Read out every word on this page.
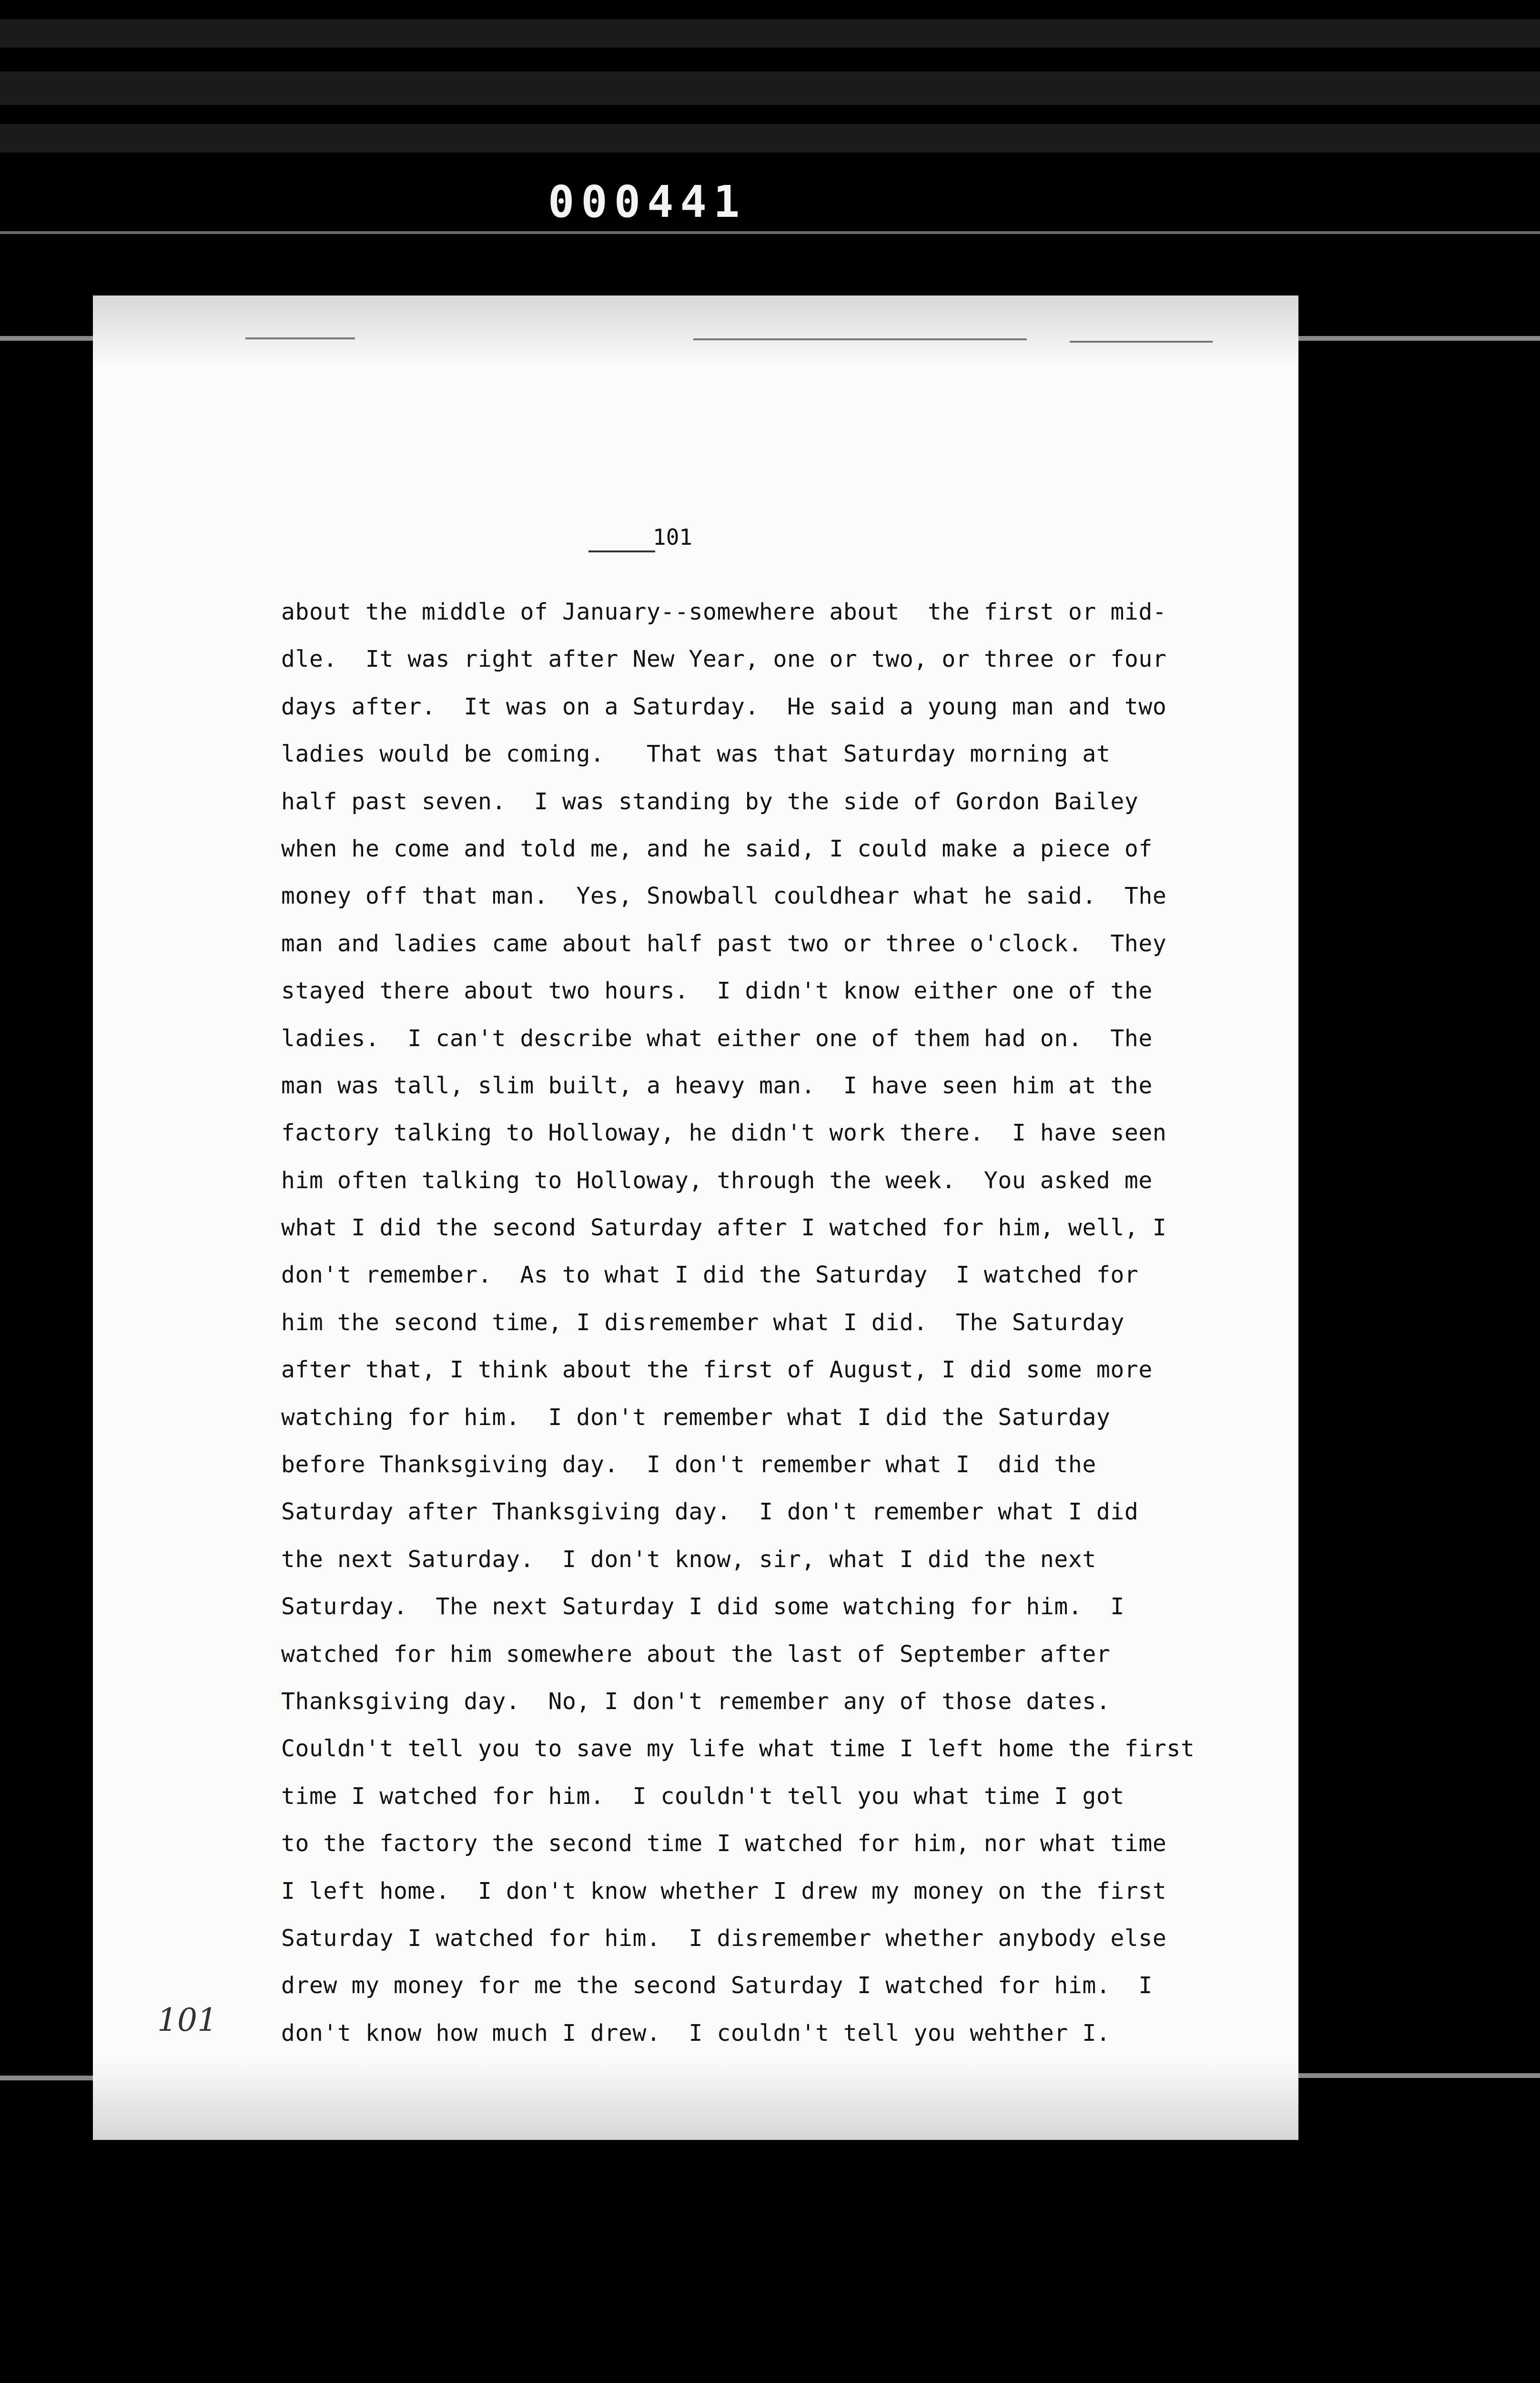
000441
101
about the middle of January--somewhere about  the first or mid-
dle.  It was right after New Year, one or two, or three or four
days after.  It was on a Saturday.  He said a young man and two
ladies would be coming.   That was that Saturday morning at
half past seven.  I was standing by the side of Gordon Bailey
when he come and told me, and he said, I could make a piece of
money off that man.  Yes, Snowball couldhear what he said.  The
man and ladies came about half past two or three o'clock.  They
stayed there about two hours.  I didn't know either one of the
ladies.  I can't describe what either one of them had on.  The
man was tall, slim built, a heavy man.  I have seen him at the
factory talking to Holloway, he didn't work there.  I have seen
him often talking to Holloway, through the week.  You asked me
what I did the second Saturday after I watched for him, well, I
don't remember.  As to what I did the Saturday  I watched for
him the second time, I disremember what I did.  The Saturday
after that, I think about the first of August, I did some more
watching for him.  I don't remember what I did the Saturday
before Thanksgiving day.  I don't remember what I  did the
Saturday after Thanksgiving day.  I don't remember what I did
the next Saturday.  I don't know, sir, what I did the next
Saturday.  The next Saturday I did some watching for him.  I
watched for him somewhere about the last of September after
Thanksgiving day.  No, I don't remember any of those dates.
Couldn't tell you to save my life what time I left home the first
time I watched for him.  I couldn't tell you what time I got
to the factory the second time I watched for him, nor what time
I left home.  I don't know whether I drew my money on the first
Saturday I watched for him.  I disremember whether anybody else
drew my money for me the second Saturday I watched for him.  I
don't know how much I drew.  I couldn't tell you wehther I.
101
